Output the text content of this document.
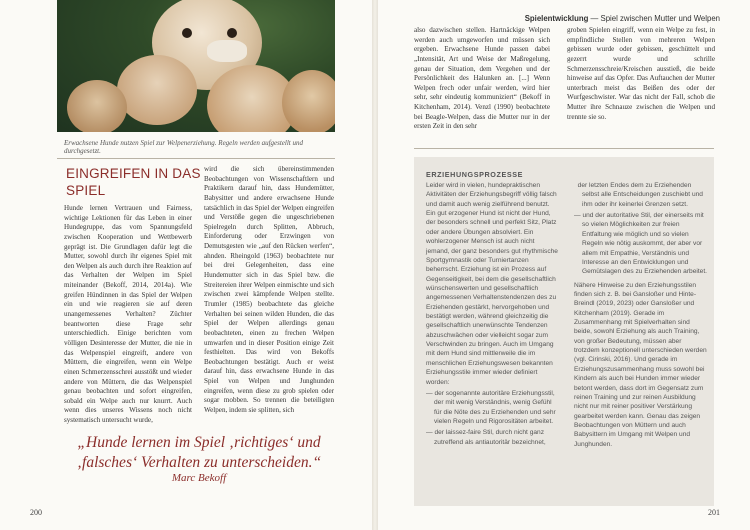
Erwachsene Hunde nutzen Spiel zur Welpenerziehung. Regeln werden aufgestellt und durchgesetzt.
EINGREIFEN IN DAS SPIEL

Hunde lernen Vertrauen und Fairness, wichtige Lektionen für das Leben in einer Hundegruppe, das vom Spannungsfeld zwischen Kooperation und Wettbewerb geprägt ist. Die Grundlagen dafür legt die Mutter, sowohl durch ihr eigenes Spiel mit den Welpen als auch durch ihre Reaktion auf das Verhalten der Welpen im Spiel miteinander (Bekoff, 2014, 2014a). Wie greifen Hündinnen in das Spiel der Welpen ein und wie reagieren sie auf deren unangemessenes Verhalten? Züchter beantworten diese Frage sehr unterschiedlich. Einige berichten vom völligen Desinteresse der Mutter, die nie in das Welpenspiel eingreift, andere von Müttern, die eingreifen, wenn ein Welpe einen Schmerzensschrei ausstößt und wieder andere von Müttern, die das Welpenspiel genau beobachten und sofort eingreifen, sobald ein Welpe auch nur knurrt. Auch wenn dies unseres Wissens noch nicht systematisch untersucht wurde,

wird die sich übereinstimmenden Beobachtungen von Wissenschaftlern und Praktikern darauf hin, dass Hundemütter, Babysitter und andere erwachsene Hunde tatsächlich in das Spiel der Welpen eingreifen und Verstöße gegen die ungeschriebenen Spielregeln durch Splitten, Abbruch, Einforderung oder Erzwingen von Demutsgesten wie „auf den Rücken werfen“, ahnden. Rheingold (1963) beobachtete nur bei drei Gelegenheiten, dass eine Hundemutter sich in das Spiel bzw. die Streitereien ihrer Welpen einmischte und sich zwischen zwei kämpfende Welpen stellte. Trumler (1985) beobachtete das gleiche Verhalten bei seinen wilden Hunden, die das Spiel der Welpen allerdings genau beobachteten, einen zu frechen Welpen umwarfen und in dieser Position einige Zeit festhielten. Das wird von Bekoffs Beobachtungen bestätigt. Auch er weist darauf hin, dass erwachsene Hunde in das Spiel von Welpen und Junghunden eingreifen, wenn diese zu grob spielen oder sogar mobben. So trennen die beteiligten Welpen, indem sie splitten, sich

„Hunde lernen im Spiel ‚richtiges‘ und ‚falsches‘ Verhalten zu unterscheiden.“
Marc Bekoff
200
Spielentwicklung — Spiel zwischen Mutter und Welpen

also dazwischen stellen. Hartnäckige Welpen werden auch umgeworfen und müssen sich ergeben. Erwachsene Hunde passen dabei „Intensität, Art und Weise der Maßregelung, genau der Situation, dem Vergehen und der Persönlichkeit des Halunken an. [...] Wenn Welpen frech oder unfair werden, wird hier sehr, sehr eindeutig kommuniziert“ (Bekoff in Kitchenham, 2014). Venzl (1990) beobachtete bei Beagle-Welpen, dass die Mutter nur in der ersten Zeit in den sehr

groben Spielen eingriff, wenn ein Welpe zu fest, in empfindliche Stellen von mehreren Welpen gebissen wurde oder gebissen, geschüttelt und gezerrt wurde und schrille Schmerzensschreie/Kreischen ausstieß, die beide hinweise auf das Opfer. Das Auftauchen der Mutter unterbrach meist das Beißen des oder der Wurfgeschwister. War das nicht der Fall, schob die Mutter ihre Schnauze zwischen die Welpen und trennte sie so.

ERZIEHUNGSPROZESSE

Leider wird in vielen, hundepraktischen Aktivitäten der Erziehungsbegriff völlig falsch und damit auch wenig zielführend benutzt. Ein gut erzogener Hund ist nicht der Hund, der besonders schnell und perfekt Sitz, Platz oder andere Übungen absolviert. Ein wohlerzogener Mensch ist auch nicht jemand, der ganz besonders gut rhythmische Sportgymnastik oder Turniertanzen beherrscht. Erziehung ist ein Prozess auf Gegenseitigkeit, bei dem die gesellschaftlich wünschenswerten und gesellschaftlich angemessenen Verhaltenstendenzen des zu Erziehenden gestärkt, hervorgehoben und bestätigt werden, während gleichzeitig die gesellschaftlich unerwünschte Tendenzen abzuschwächen oder vielleicht sogar zum Verschwinden zu bringen. Auch im Umgang mit dem Hund sind mittlerweile die im menschlichen Erziehungswesen bekannten Erziehungsstile immer wieder definiert worden:

— der sogenannte autoritäre Erziehungsstil, der mit wenig Verständnis, wenig Gefühl für die Nöte des zu Erziehenden und sehr vielen Regeln und Rigorositäten arbeitet.
— der laissez-faire Stil, durch nicht ganz zutreffend als antiautoritär bezeichnet,
der letzten Endes dem zu Erziehenden selbst alle Entscheidungen zuschiebt und ihm oder ihr keinerlei Grenzen setzt.
— und der autoritative Stil, der einerseits mit so vielen Möglichkeiten zur freien Entfaltung wie möglich und so vielen Regeln wie nötig auskommt, der aber vor allem mit Empathie, Verständnis und Interesse an den Entwicklungen und Gemütslagen des zu Erziehenden arbeitet.

Nähere Hinweise zu den Erziehungsstilen finden sich z. B. bei Gansloßer und Hinte-Breindl (2019, 2023) oder Gansloßer und Kitchenham (2019). Gerade im Zusammenhang mit Spielverhalten sind beide, sowohl Erziehung als auch Training, von großer Bedeutung, müssen aber trotzdem konzeptionell unterschieden werden (vgl. Cirinski, 2016). Und gerade im Erziehungszusammenhang muss sowohl bei Kindern als auch bei Hunden immer wieder betont werden, dass dort im Gegensatz zum reinen Training und zur reinen Ausbildung nicht nur mit reiner positiver Verstärkung gearbeitet werden kann. Genau das zeigen Beobachtungen von Müttern und auch Babysittern im Umgang mit Welpen und Junghunden.

201
